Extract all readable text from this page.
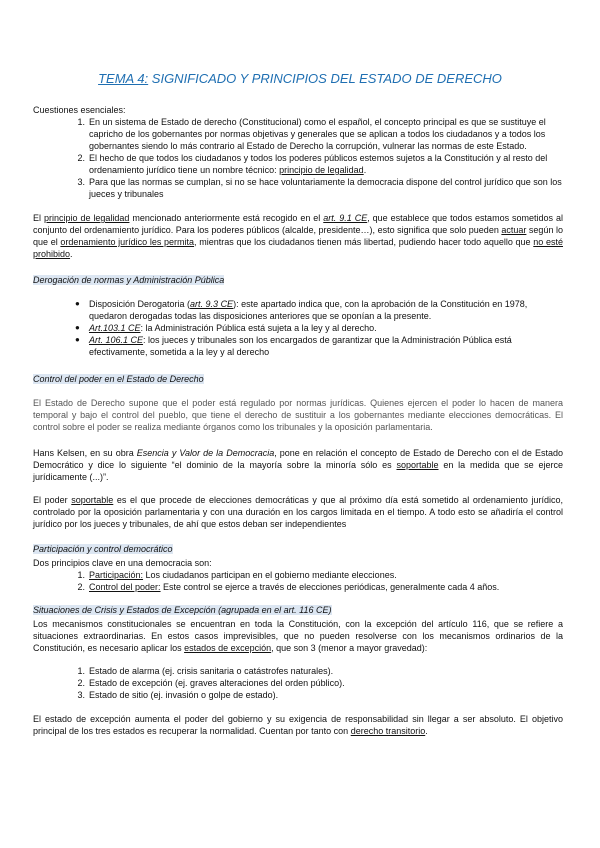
TEMA 4: SIGNIFICADO Y PRINCIPIOS DEL ESTADO DE DERECHO
Cuestiones esenciales:
1. En un sistema de Estado de derecho (Constitucional) como el español, el concepto principal es que se sustituye el capricho de los gobernantes por normas objetivas y generales que se aplican a todos los ciudadanos y a todos los gobernantes siendo lo más contrario al Estado de Derecho la corrupción, vulnerar las normas de este Estado.
2. El hecho de que todos los ciudadanos y todos los poderes públicos estemos sujetos a la Constitución y al resto del ordenamiento jurídico tiene un nombre técnico: principio de legalidad.
3. Para que las normas se cumplan, si no se hace voluntariamente la democracia dispone del control jurídico que son los jueces y tribunales
El principio de legalidad mencionado anteriormente está recogido en el art. 9.1 CE, que establece que todos estamos sometidos al conjunto del ordenamiento jurídico. Para los poderes públicos (alcalde, presidente…), esto significa que solo pueden actuar según lo que el ordenamiento jurídico les permita, mientras que los ciudadanos tienen más libertad, pudiendo hacer todo aquello que no esté prohibido.
Derogación de normas y Administración Pública
● Disposición Derogatoria (art. 9.3 CE): este apartado indica que, con la aprobación de la Constitución en 1978, quedaron derogadas todas las disposiciones anteriores que se oponían a la presente.
● Art.103.1 CE: la Administración Pública está sujeta a la ley y al derecho.
● Art. 106.1 CE: los jueces y tribunales son los encargados de garantizar que la Administración Pública está efectivamente, sometida a la ley y al derecho
Control del poder en el Estado de Derecho
El Estado de Derecho supone que el poder está regulado por normas jurídicas. Quienes ejercen el poder lo hacen de manera temporal y bajo el control del pueblo, que tiene el derecho de sustituir a los gobernantes mediante elecciones democráticas. El control sobre el poder se realiza mediante órganos como los tribunales y la oposición parlamentaria.
Hans Kelsen, en su obra Esencia y Valor de la Democracia, pone en relación el concepto de Estado de Derecho con el de Estado Democrático y dice lo siguiente “el dominio de la mayoría sobre la minoría sólo es soportable en la medida que se ejerce jurídicamente (...)”.
El poder soportable es el que procede de elecciones democráticas y que al próximo día está sometido al ordenamiento jurídico, controlado por la oposición parlamentaria y con una duración en los cargos limitada en el tiempo. A todo esto se añadiría el control jurídico por los jueces y tribunales, de ahí que estos deban ser independientes
Participación y control democrático
Dos principios clave en una democracia son:
1. Participación: Los ciudadanos participan en el gobierno mediante elecciones.
2. Control del poder: Este control se ejerce a través de elecciones periódicas, generalmente cada 4 años.
Situaciones de Crisis y Estados de Excepción (agrupada en el art. 116 CE)
Los mecanismos constitucionales se encuentran en toda la Constitución, con la excepción del artículo 116, que se refiere a situaciones extraordinarias. En estos casos imprevisibles, que no pueden resolverse con los mecanismos ordinarios de la Constitución, es necesario aplicar los estados de excepción, que son 3 (menor a mayor gravedad):
1. Estado de alarma (ej. crisis sanitaria o catástrofes naturales).
2. Estado de excepción (ej. graves alteraciones del orden público).
3. Estado de sitio (ej. invasión o golpe de estado).
El estado de excepción aumenta el poder del gobierno y su exigencia de responsabilidad sin llegar a ser absoluto. El objetivo principal de los tres estados es recuperar la normalidad. Cuentan por tanto con derecho transitorio.
